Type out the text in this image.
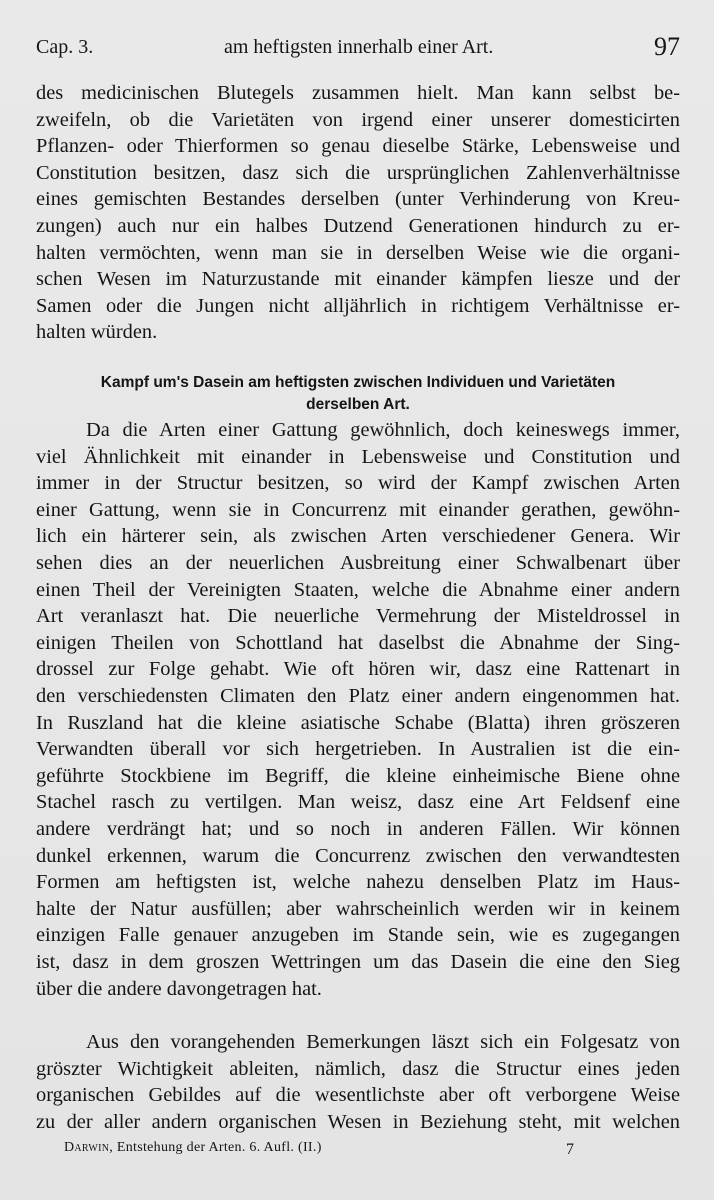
Cap. 3.	am heftigsten innerhalb einer Art.	97
des medicinischen Blutegels zusammen hielt. Man kann selbst be-
zweifeln, ob die Varietäten von irgend einer unserer domesticirten
Pflanzen- oder Thierformen so genau dieselbe Stärke, Lebensweise und
Constitution besitzen, dasz sich die ursprünglichen Zahlenverhältnisse
eines gemischten Bestandes derselben (unter Verhinderung von Kreu-
zungen) auch nur ein halbes Dutzend Generationen hindurch zu er-
halten vermöchten, wenn man sie in derselben Weise wie die organi-
schen Wesen im Naturzustande mit einander kämpfen liesze und der
Samen oder die Jungen nicht alljährlich in richtigem Verhältnisse er-
halten würden.
Kampf um's Dasein am heftigsten zwischen Individuen und Varietäten
derselben Art.
Da die Arten einer Gattung gewöhnlich, doch keineswegs immer,
viel Ähnlichkeit mit einander in Lebensweise und Constitution und
immer in der Structur besitzen, so wird der Kampf zwischen Arten
einer Gattung, wenn sie in Concurrenz mit einander gerathen, gewöhn-
lich ein härterer sein, als zwischen Arten verschiedener Genera. Wir
sehen dies an der neuerlichen Ausbreitung einer Schwalbenart über
einen Theil der Vereinigten Staaten, welche die Abnahme einer andern
Art veranlaszt hat. Die neuerliche Vermehrung der Misteldrossel in
einigen Theilen von Schottland hat daselbst die Abnahme der Sing-
drossel zur Folge gehabt. Wie oft hören wir, dasz eine Rattenart in
den verschiedensten Climaten den Platz einer andern eingenommen hat.
In Ruszland hat die kleine asiatische Schabe (Blatta) ihren gröszeren
Verwandten überall vor sich hergetrieben. In Australien ist die ein-
geführte Stockbiene im Begriff, die kleine einheimische Biene ohne
Stachel rasch zu vertilgen. Man weisz, dasz eine Art Feldsenf eine
andere verdrängt hat; und so noch in anderen Fällen. Wir können
dunkel erkennen, warum die Concurrenz zwischen den verwandtesten
Formen am heftigsten ist, welche nahezu denselben Platz im Haus-
halte der Natur ausfüllen; aber wahrscheinlich werden wir in keinem
einzigen Falle genauer anzugeben im Stande sein, wie es zugegangen
ist, dasz in dem groszen Wettringen um das Dasein die eine den Sieg
über die andere davongetragen hat.
Aus den vorangehenden Bemerkungen läszt sich ein Folgesatz von
gröszter Wichtigkeit ableiten, nämlich, dasz die Structur eines jeden
organischen Gebildes auf die wesentlichste aber oft verborgene Weise
zu der aller andern organischen Wesen in Beziehung steht, mit welchen
Darwin, Entstehung der Arten. 6. Aufl. (II.)	7
